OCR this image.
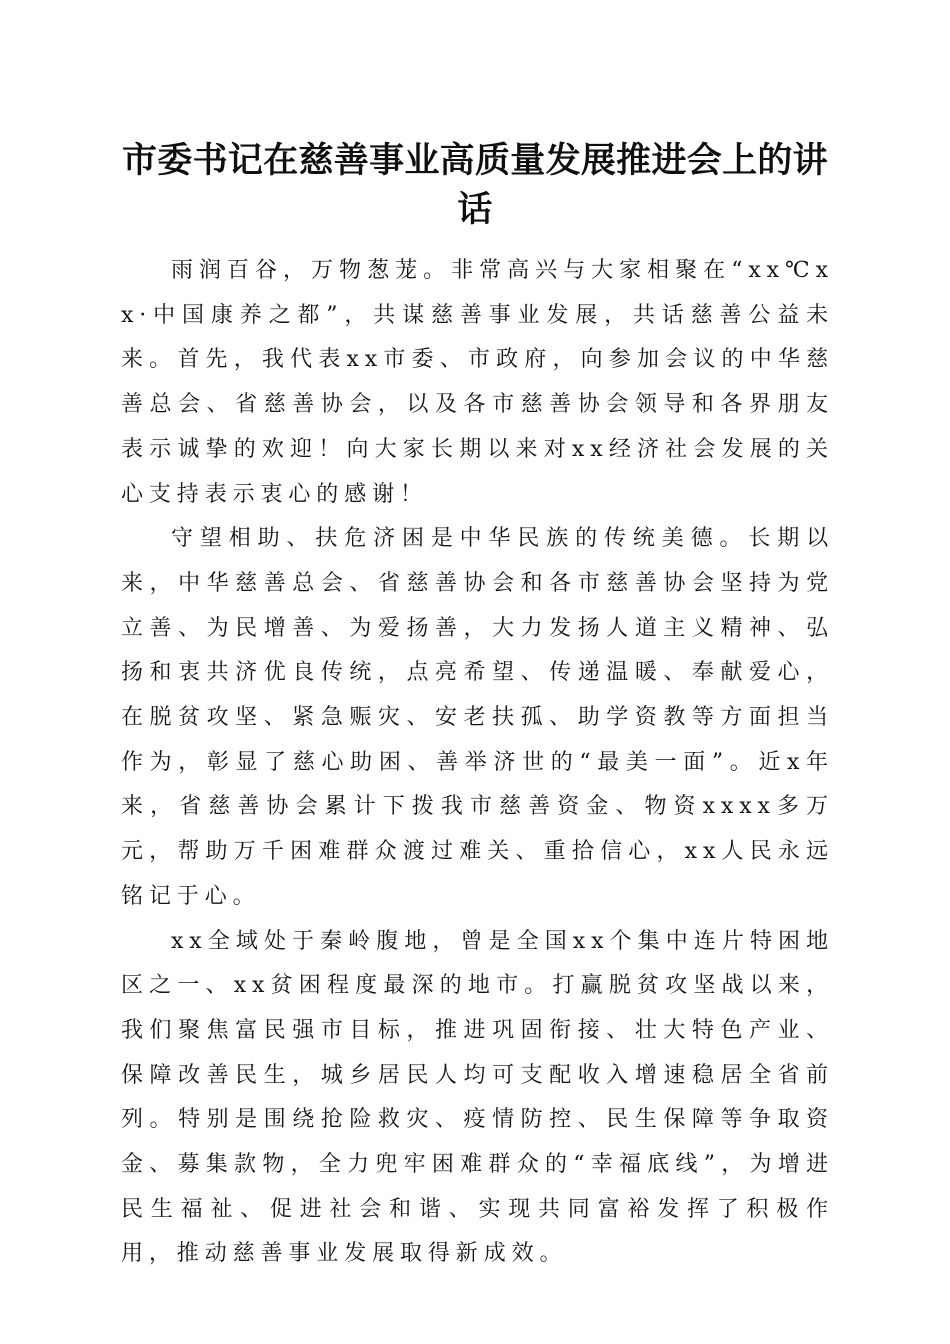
市委书记在慈善事业高质量发展推进会上的讲话

雨润百谷，万物葱茏。非常高兴与大家相聚在“xx℃xx·中国康养之都”，共谋慈善事业发展，共话慈善公益未来。首先，我代表xx市委、市政府，向参加会议的中华慈善总会、省慈善协会，以及各市慈善协会领导和各界朋友表示诚挚的欢迎！向大家长期以来对xx经济社会发展的关心支持表示衷心的感谢！

守望相助、扶危济困是中华民族的传统美德。长期以来，中华慈善总会、省慈善协会和各市慈善协会坚持为党立善、为民增善、为爱扬善，大力发扬人道主义精神、弘扬和衷共济优良传统，点亮希望、传递温暖、奉献爱心，在脱贫攻坚、紧急赈灾、安老扶孤、助学资教等方面担当作为，彰显了慈心助困、善举济世的“最美一面”。近x年来，省慈善协会累计下拨我市慈善资金、物资xxxx多万元，帮助万千困难群众渡过难关、重拾信心，xx人民永远铭记于心。

xx全域处于秦岭腹地，曾是全国xx个集中连片特困地区之一、xx贫困程度最深的地市。打赢脱贫攻坚战以来，我们聚焦富民强市目标，推进巩固衔接、壮大特色产业、保障改善民生，城乡居民人均可支配收入增速稳居全省前列。特别是围绕抢险救灾、疫情防控、民生保障等争取资金、募集款物，全力兜牢困难群众的“幸福底线”，为增进民生福祉、促进社会和谐、实现共同富裕发挥了积极作用，推动慈善事业发展取得新成效。
